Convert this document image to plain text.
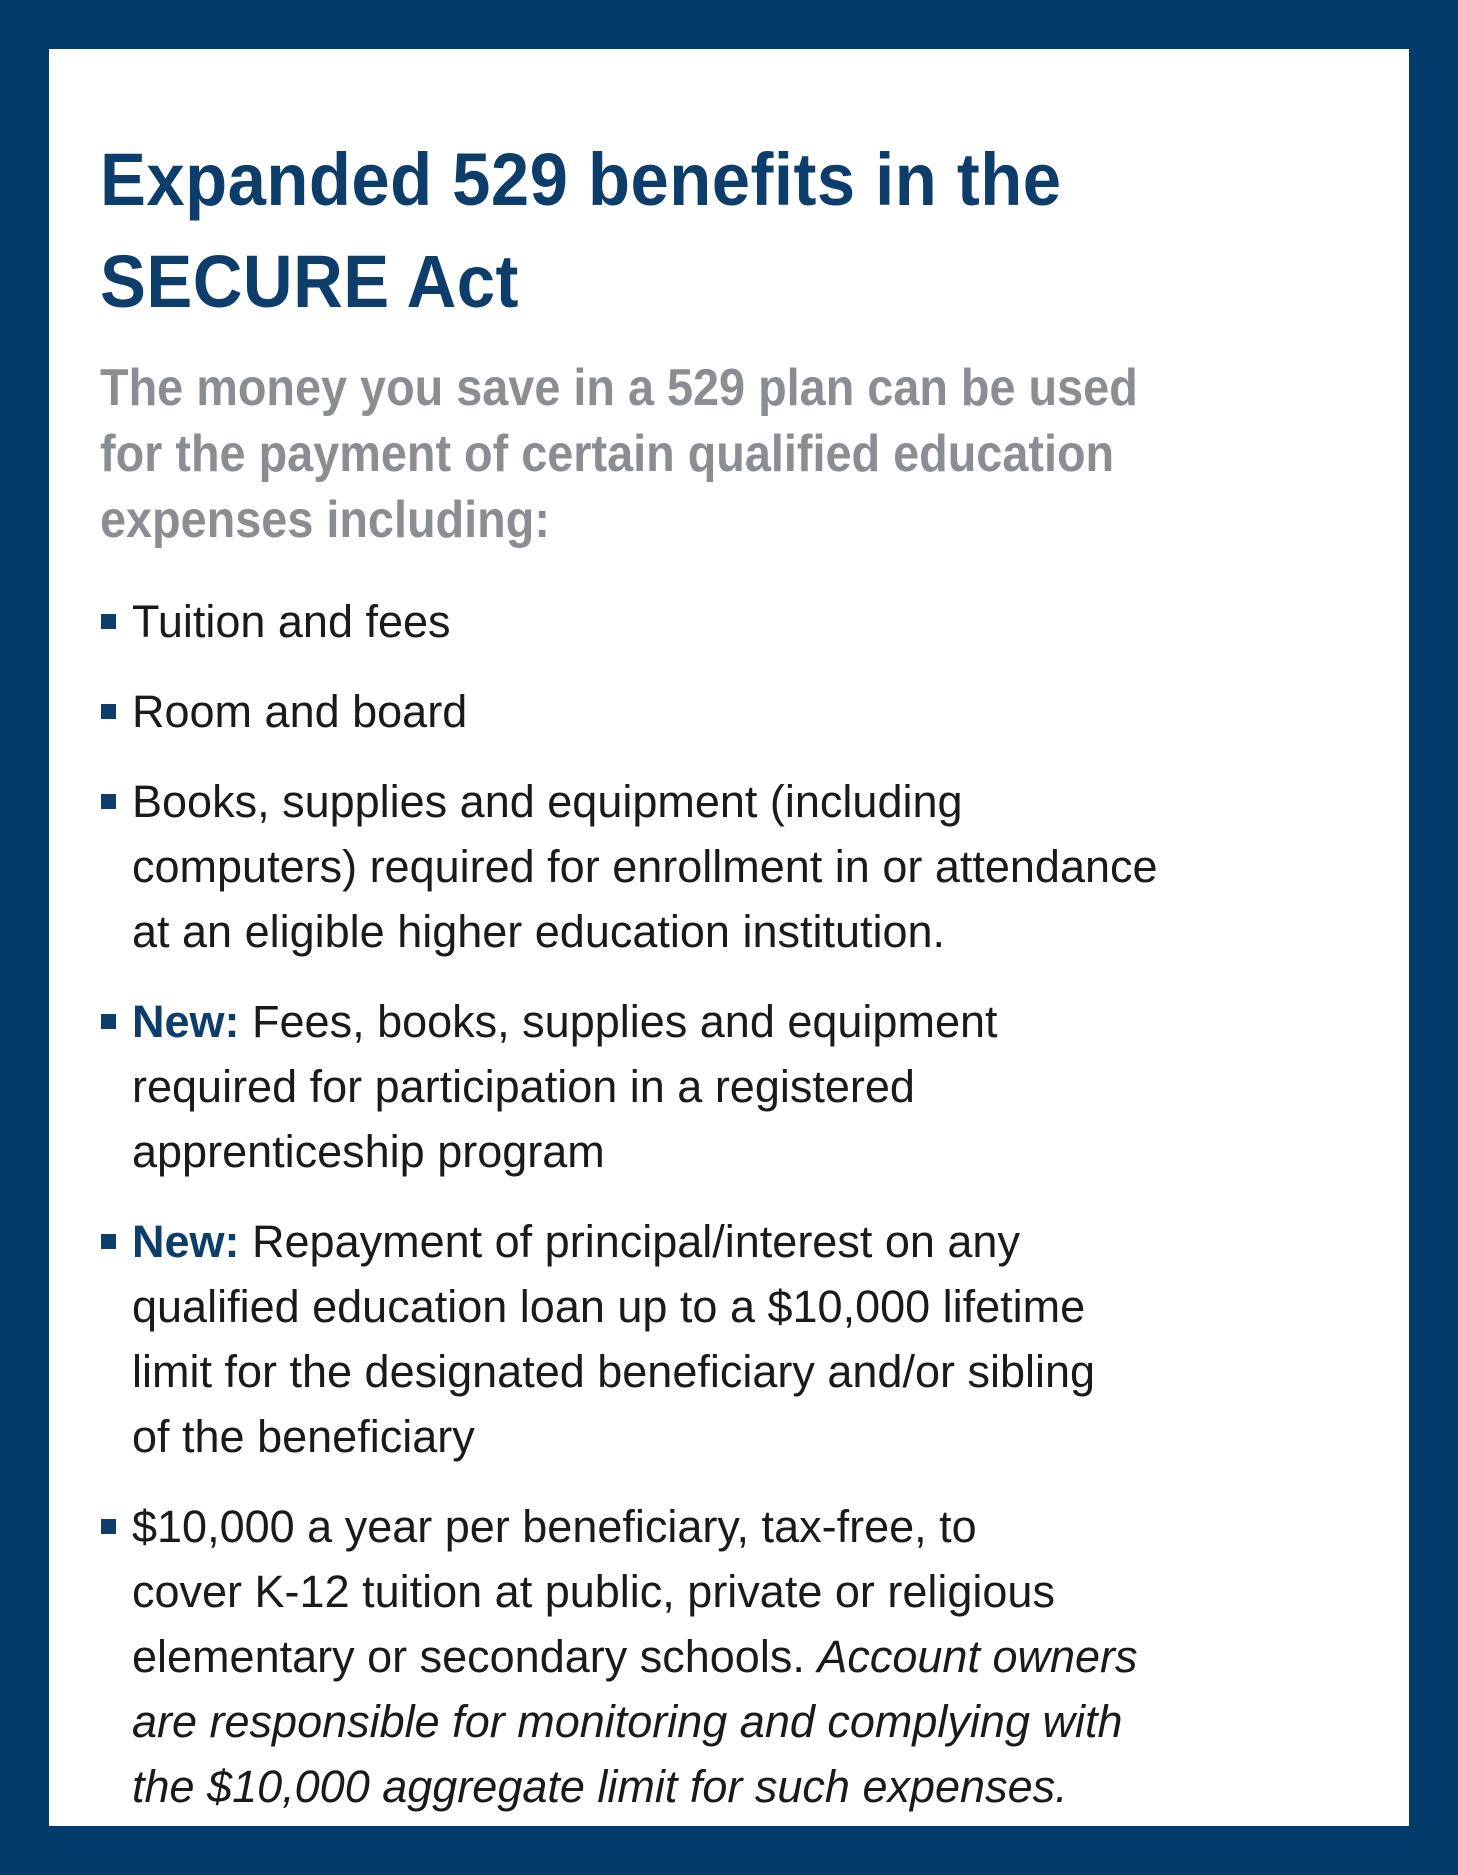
Expanded 529 benefits in the
SECURE Act

The money you save in a 529 plan can be used
for the payment of certain qualified education
expenses including:

Tuition and fees
Room and board
Books, supplies and equipment (including
computers) required for enrollment in or attendance
at an eligible higher education institution.
New: Fees, books, supplies and equipment
required for participation in a registered
apprenticeship program
New: Repayment of principal/interest on any
qualified education loan up to a $10,000 lifetime
limit for the designated beneficiary and/or sibling
of the beneficiary
$10,000 a year per beneficiary, tax-free, to
cover K-12 tuition at public, private or religious
elementary or secondary schools. Account owners
are responsible for monitoring and complying with
the $10,000 aggregate limit for such expenses.
